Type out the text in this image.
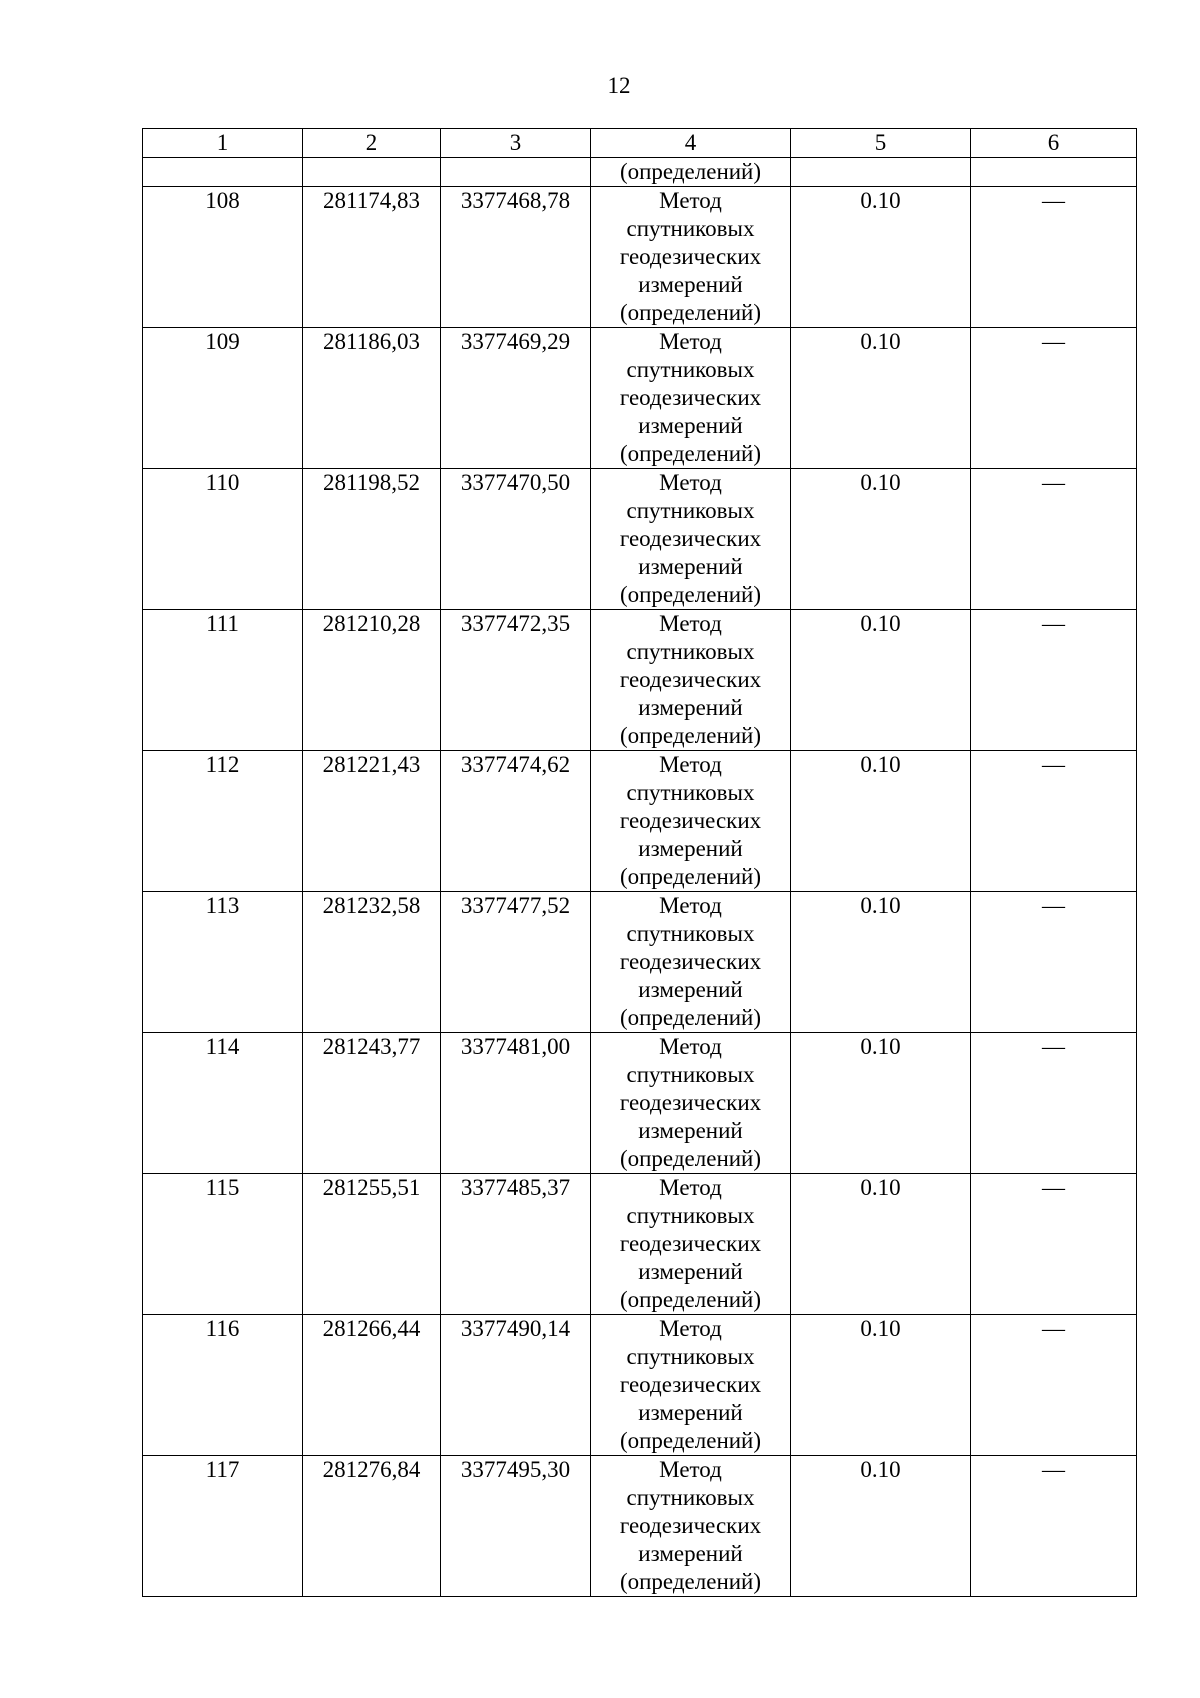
12
1	2	3	4	5	6
			(определений)		
108	281174,83	3377468,78	Метод
спутниковых
геодезических
измерений
(определений)	0.10	—
109	281186,03	3377469,29	Метод
спутниковых
геодезических
измерений
(определений)	0.10	—
110	281198,52	3377470,50	Метод
спутниковых
геодезических
измерений
(определений)	0.10	—
111	281210,28	3377472,35	Метод
спутниковых
геодезических
измерений
(определений)	0.10	—
112	281221,43	3377474,62	Метод
спутниковых
геодезических
измерений
(определений)	0.10	—
113	281232,58	3377477,52	Метод
спутниковых
геодезических
измерений
(определений)	0.10	—
114	281243,77	3377481,00	Метод
спутниковых
геодезических
измерений
(определений)	0.10	—
115	281255,51	3377485,37	Метод
спутниковых
геодезических
измерений
(определений)	0.10	—
116	281266,44	3377490,14	Метод
спутниковых
геодезических
измерений
(определений)	0.10	—
117	281276,84	3377495,30	Метод
спутниковых
геодезических
измерений
(определений)	0.10	—
